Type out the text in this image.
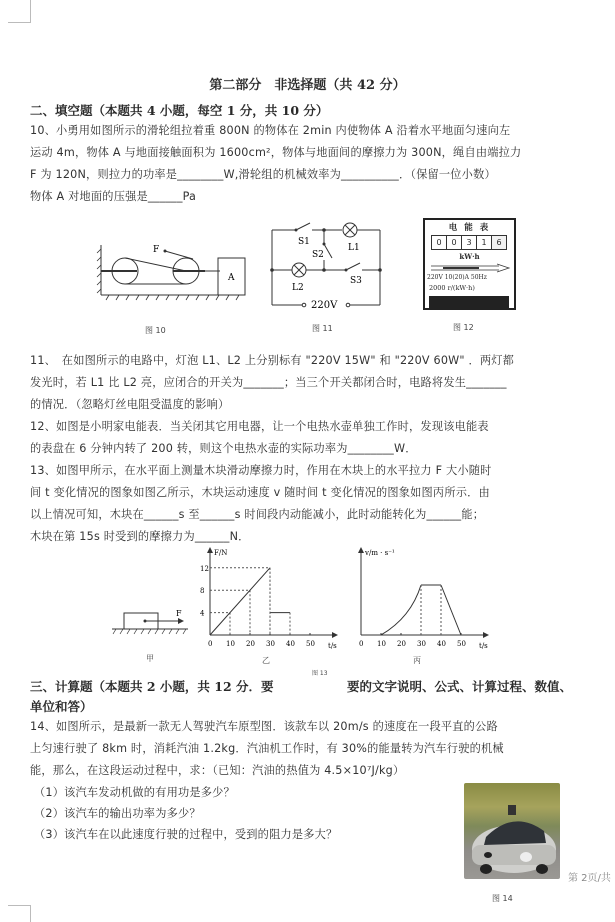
第二部分　非选择题（共 42 分）
二、填空题（本题共 4 小题，每空 1 分，共 10 分）
10、小勇用如图所示的滑轮组拉着重 800N 的物体在 2min 内使物体 A 沿着水平地面匀速向左
运动 4m，物体 A 与地面接触面积为 1600cm²，物体与地面间的摩擦力为 300N，绳自由端拉力
F 为 120N，则拉力的功率是________W,滑轮组的机械效率为__________．（保留一位小数）
物体 A 对地面的压强是______Pa
F
A
图 10
S1
S2
S3
L1
L2
220V
图 11
电 能 表
0	0	3	1	6
kW·h
220V 10(20)A 50Hz
2000 r/(kW·h)
图 12
11、　在如图所示的电路中，灯泡 L1、L2 上分别标有 "220V 15W" 和 "220V 60W" ．两灯都
发光时，若 L1 比 L2 亮，应闭合的开关为_______；当三个开关都闭合时，电路将发生_______
的情况．（忽略灯丝电阻受温度的影响）
12、如图是小明家电能表．当关闭其它用电器，让一个电热水壶单独工作时，发现该电能表
的表盘在 6 分钟内转了 200 转，则这个电热水壶的实际功率为________W．
13、如图甲所示，在水平面上测量木块滑动摩擦力时，作用在木块上的水平拉力 F 大小随时
间 t 变化情况的图象如图乙所示，木块运动速度 v 随时间 t 变化情况的图象如图丙所示．由
以上情况可知，木块在______s 至______s 时间段内动能减小，此时动能转化为______能；
木块在第 15s 时受到的摩擦力为______N．
F
甲
F/N
t/s
0 10 20 30 40 50
4
8
12
乙
图 13
v/m · s⁻¹
t/s
0 10 20 30 40 50
丙
三、计算题（本题共 2 小题，共 12 分．要	要的文字说明、公式、计算过程、数值、
单位和答）
14、如图所示，是最新一款无人驾驶汽车原型图．该款车以 20m/s 的速度在一段平直的公路
上匀速行驶了 8km 时，消耗汽油 1.2kg．汽油机工作时，有 30%的能量转为汽车行驶的机械
能，那么，在这段运动过程中，求：（已知：汽油的热值为 4.5×10⁷J/kg）
（1）该汽车发动机做的有用功是多少？
（2）该汽车的输出功率为多少？
（3）该汽车在以此速度行驶的过程中，受到的阻力是多大？
图 14
第 2页/共
